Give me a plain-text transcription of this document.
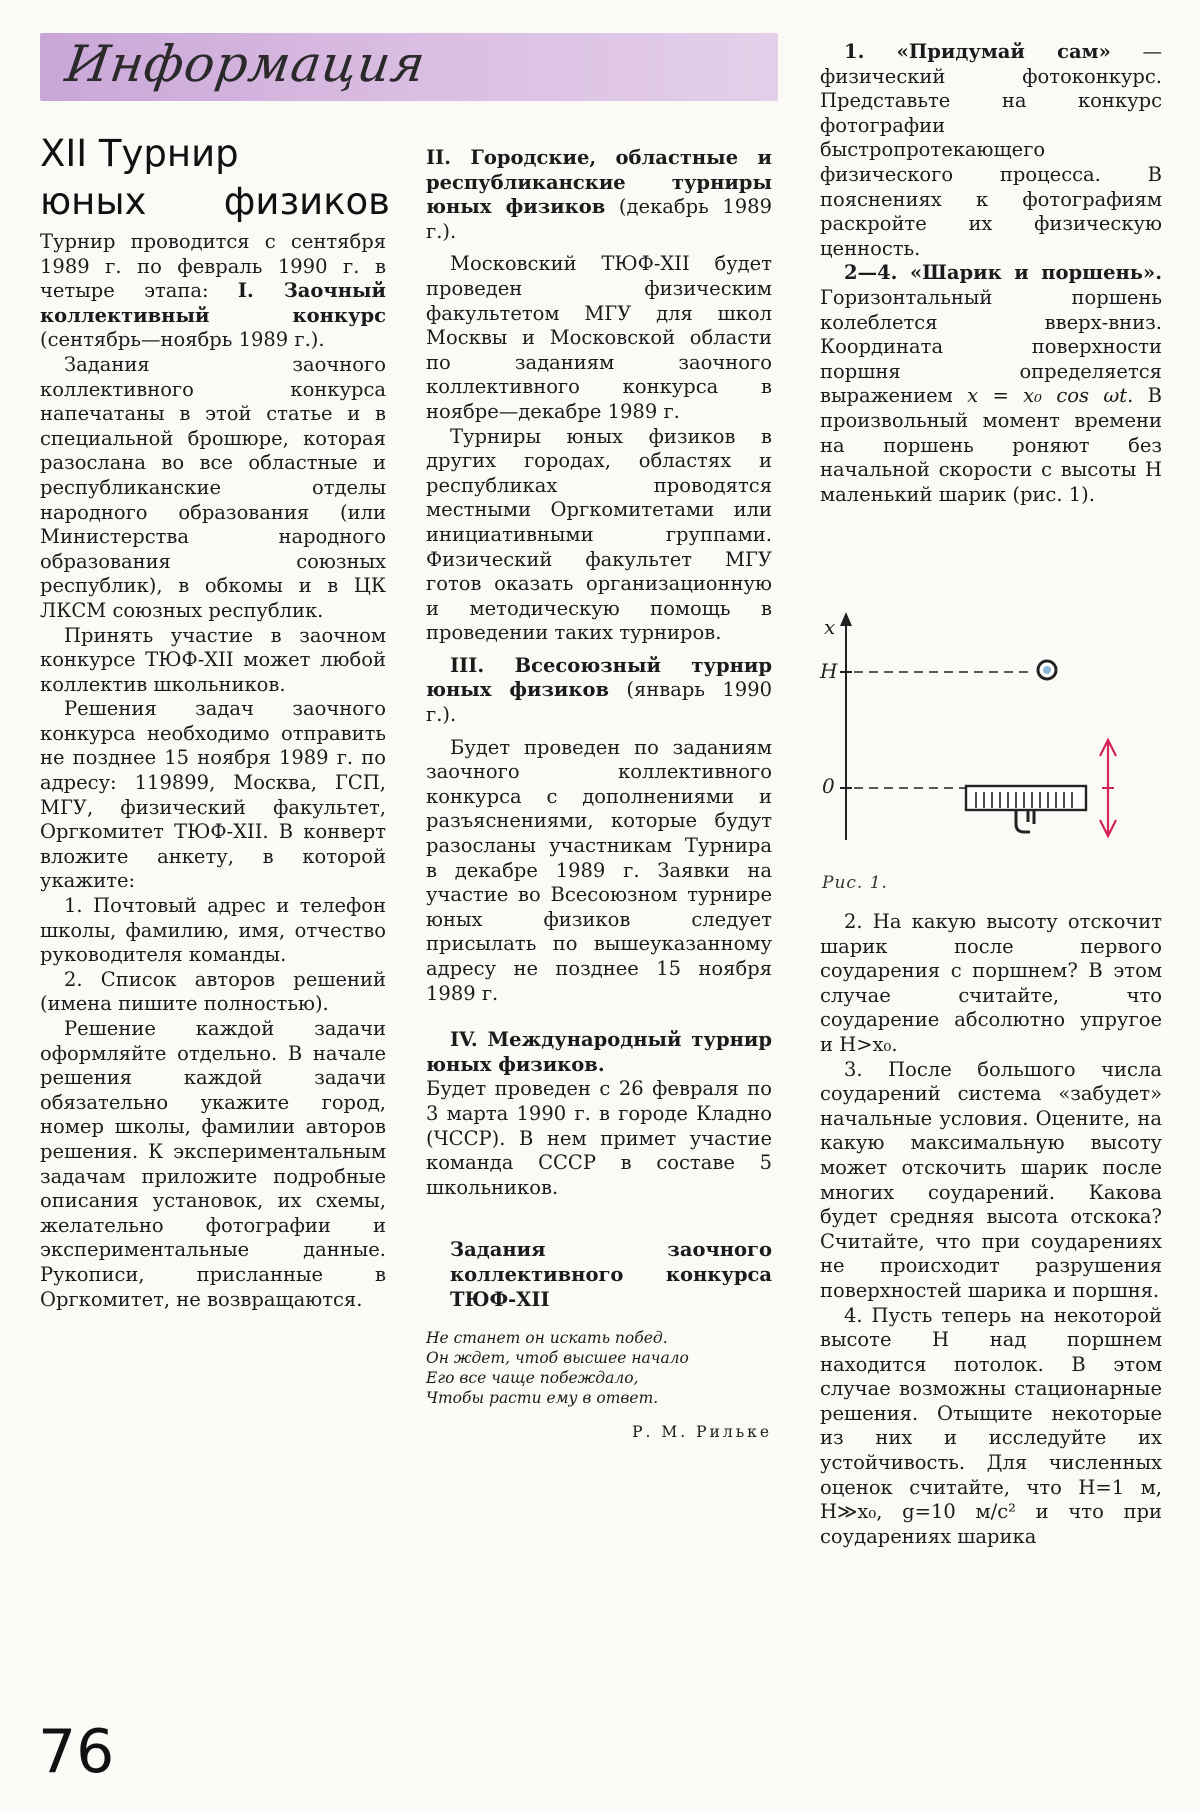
Информация
XII Турнир
юных физиков

Турнир проводится с сентября 1989 г. по февраль 1990 г. в четыре этапа: I. Заочный коллективный конкурс (сентябрь—ноябрь 1989 г.).

Задания заочного коллективного конкурса напечатаны в этой статье и в специальной брошюре, которая разослана во все областные и республиканские отделы народного образования (или Министерства народного образования союзных республик), в обкомы и в ЦК ЛКСМ союзных республик.

Принять участие в заочном конкурсе ТЮФ-XII может любой коллектив школьников.

Решения задач заочного конкурса необходимо отправить не позднее 15 ноября 1989 г. по адресу: 119899, Москва, ГСП, МГУ, физический факультет, Оргкомитет ТЮФ-XII. В конверт вложите анкету, в которой укажите:

1. Почтовый адрес и телефон школы, фамилию, имя, отчество руководителя команды.

2. Список авторов решений (имена пишите полностью).

Решение каждой задачи оформляйте отдельно. В начале решения каждой задачи обязательно укажите город, номер школы, фамилии авторов решения. К экспериментальным задачам приложите подробные описания установок, их схемы, желательно фотографии и экспериментальные данные. Рукописи, присланные в Оргкомитет, не возвращаются.

II. Городские, областные и республиканские турниры юных физиков (декабрь 1989 г.).

Московский ТЮФ-XII будет проведен физическим факультетом МГУ для школ Москвы и Московской области по заданиям заочного коллективного конкурса в ноябре—декабре 1989 г.

Турниры юных физиков в других городах, областях и республиках проводятся местными Оргкомитетами или инициативными группами. Физический факультет МГУ готов оказать организационную и методическую помощь в проведении таких турниров.

III. Всесоюзный турнир юных физиков (январь 1990 г.).

Будет проведен по заданиям заочного коллективного конкурса с дополнениями и разъяснениями, которые будут разосланы участникам Турнира в декабре 1989 г. Заявки на участие во Всесоюзном турнире юных физиков следует присылать по вышеуказанному адресу не позднее 15 ноября 1989 г.

IV. Международный турнир юных физиков.

Будет проведен с 26 февраля по 3 марта 1990 г. в городе Кладно (ЧССР). В нем примет участие команда СССР в составе 5 школьников.

Задания заочного коллективного конкурса ТЮФ-XII

Не станет он искать побед.

Он ждет, чтоб высшее начало

Его все чаще побеждало,

Чтобы расти ему в ответ.

Р. М. Рильке

1. «Придумай сам» — физический фотоконкурс. Представьте на конкурс фотографии быстропротекающего физического процесса. В пояснениях к фотографиям раскройте их физическую ценность.

2—4. «Шарик и поршень». Горизонтальный поршень колеблется вверх-вниз. Координата поверхности поршня определяется выражением x = x₀ cos ωt. В произвольный момент времени на поршень роняют без начальной скорости с высоты H маленький шарик (рис. 1).

x
H
0
Рис. 1.

2. На какую высоту отскочит шарик после первого соударения с поршнем? В этом случае считайте, что соударение абсолютно упругое и H>x₀.

3. После большого числа соударений система «забудет» начальные условия. Оцените, на какую максимальную высоту может отскочить шарик после многих соударений. Какова будет средняя высота отскока? Считайте, что при соударениях не происходит разрушения поверхностей шарика и поршня.

4. Пусть теперь на некоторой высоте H над поршнем находится потолок. В этом случае возможны стационарные решения. Отыщите некоторые из них и исследуйте их устойчивость. Для численных оценок считайте, что H=1 м, H≫x₀, g=10 м/с² и что при соударениях шарика

76
